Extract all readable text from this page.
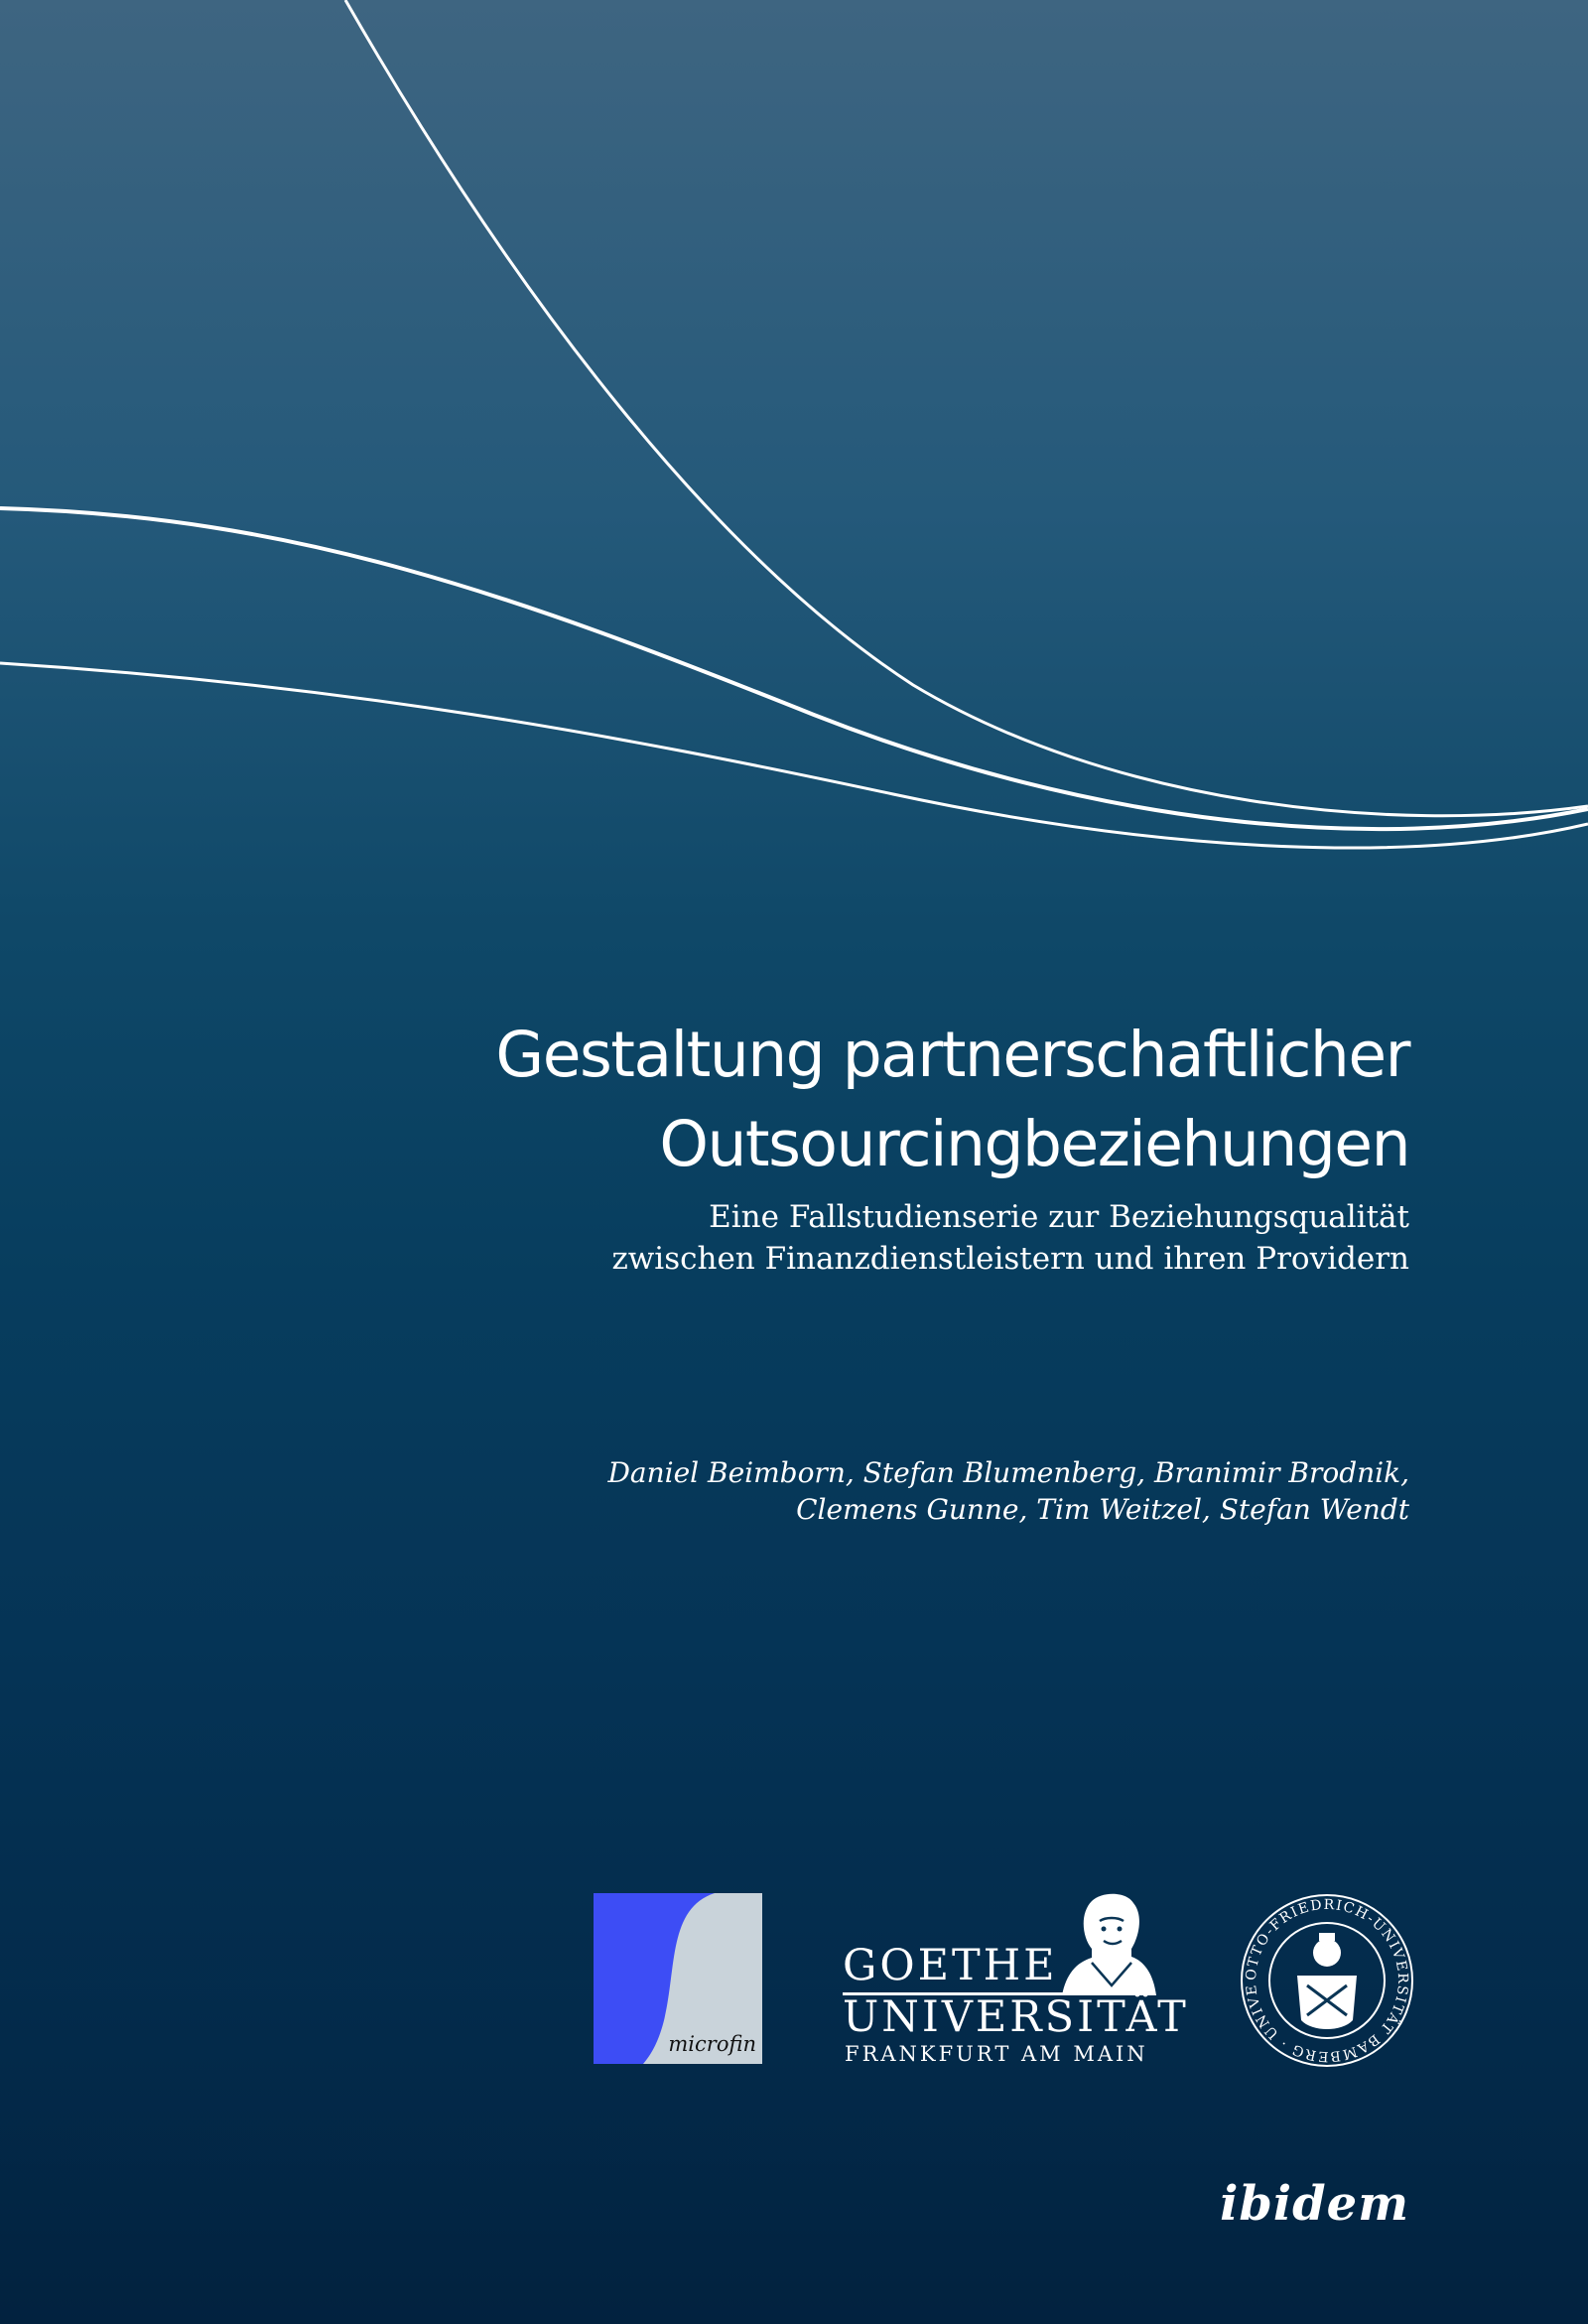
Gestaltung partnerschaftlicher
Outsourcingbeziehungen
Eine Fallstudienserie zur Beziehungsqualität
zwischen Finanzdienstleistern und ihren Providern
Daniel Beimborn, Stefan Blumenberg, Branimir Brodnik,
Clemens Gunne, Tim Weitzel, Stefan Wendt
microfin
GOETHE
UNIVERSITÄT
FRANKFURT AM MAIN
OTTO-FRIEDRICH-UNIVERSITÄT BAMBERG · UNIVE
ibidem
